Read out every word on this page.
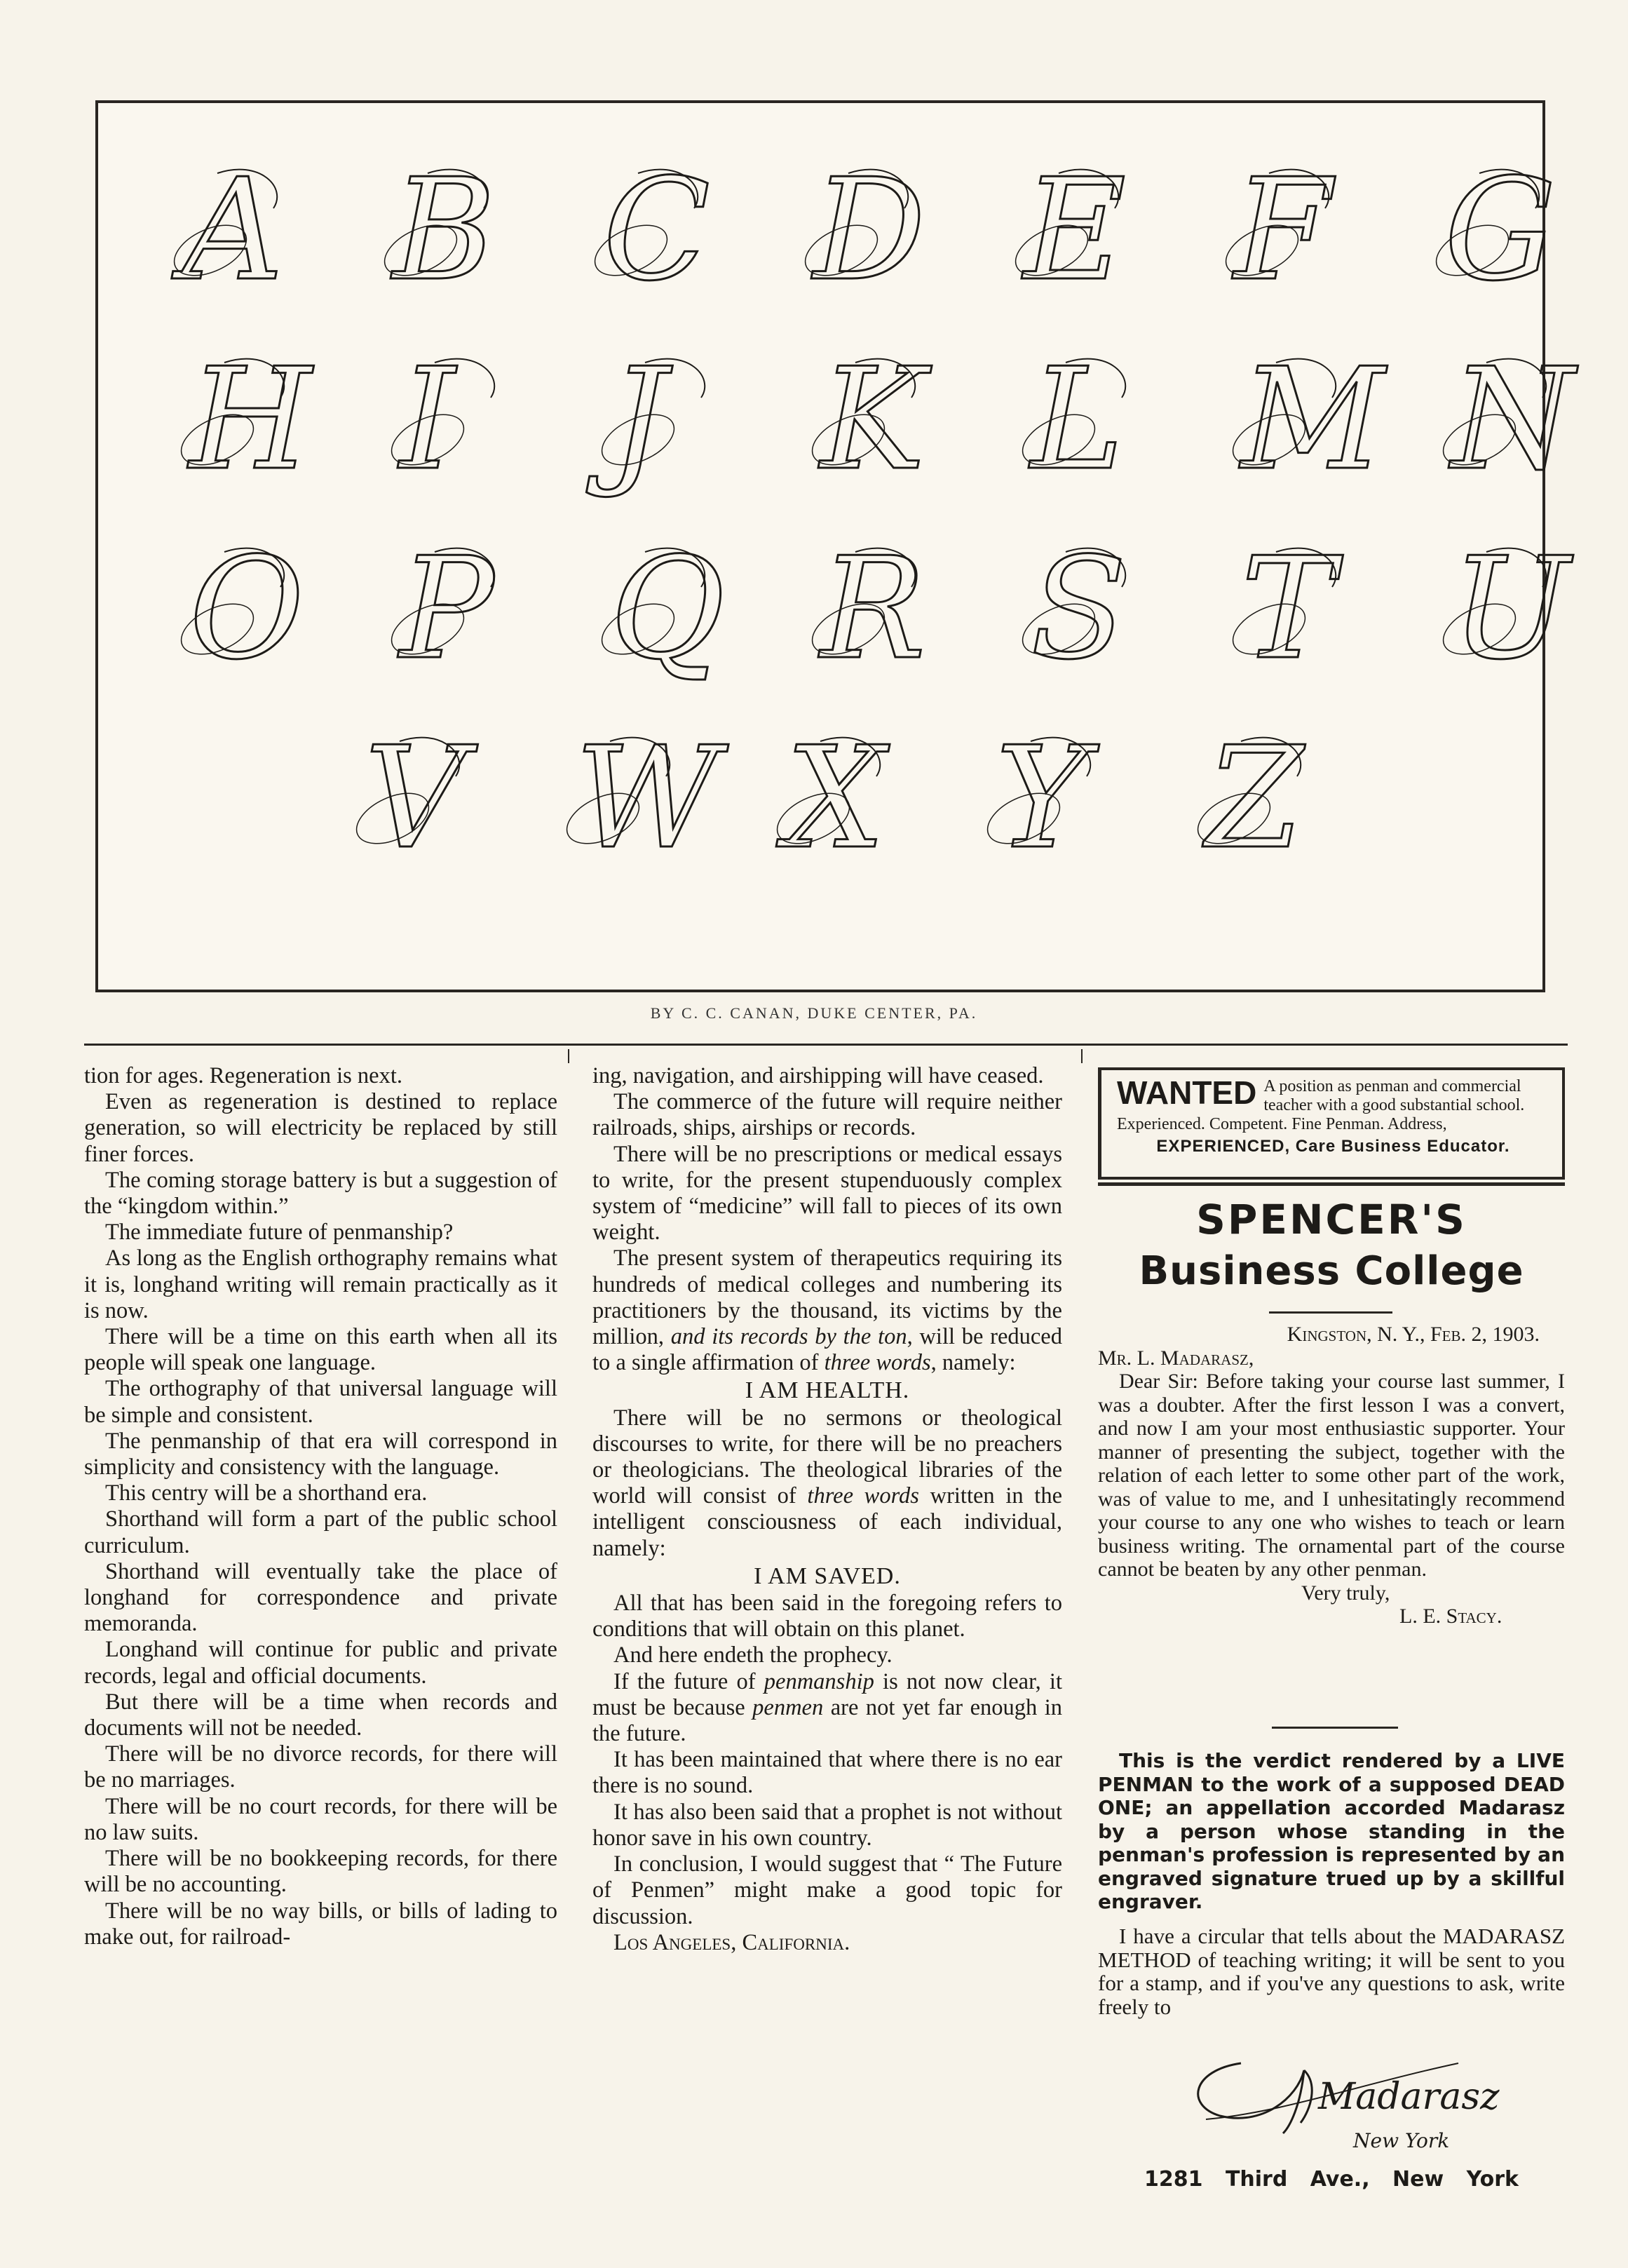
A B C D E F G
H I J K L M N
O P Q R S T U
V W X Y Z
BY C. C. CANAN, DUKE CENTER, PA.

tion for ages. Regeneration is next.

Even as regeneration is destined to replace generation, so will electricity be replaced by still finer forces.

The coming storage battery is but a suggestion of the “kingdom within.”

The immediate future of penmanship?

As long as the English orthography remains what it is, longhand writing will remain practically as it is now.

There will be a time on this earth when all its people will speak one language.

The orthography of that universal language will be simple and consistent.

The penmanship of that era will correspond in simplicity and consistency with the language.

This centry will be a shorthand era.

Shorthand will form a part of the public school curriculum.

Shorthand will eventually take the place of longhand for correspondence and private memoranda.

Longhand will continue for public and private records, legal and official documents.

But there will be a time when records and documents will not be needed.

There will be no divorce records, for there will be no marriages.

There will be no court records, for there will be no law suits.

There will be no bookkeeping records, for there will be no accounting.

There will be no way bills, or bills of lading to make out, for railroad-

ing, navigation, and airshipping will have ceased.

The commerce of the future will require neither railroads, ships, airships or records.

There will be no prescriptions or medical essays to write, for the present stupenduously complex system of “medicine” will fall to pieces of its own weight.

The present system of therapeutics requiring its hundreds of medical colleges and numbering its practitioners by the thousand, its victims by the million, and its records by the ton, will be reduced to a single affirmation of three words, namely:

I AM HEALTH.

There will be no sermons or theological discourses to write, for there will be no preachers or theologicians. The theological libraries of the world will consist of three words written in the intelligent consciousness of each individual, namely:

I AM SAVED.

All that has been said in the foregoing refers to conditions that will obtain on this planet.

And here endeth the prophecy.

If the future of penmanship is not now clear, it must be because penmen are not yet far enough in the future.

It has been maintained that where there is no ear there is no sound.

It has also been said that a prophet is not without honor save in his own country.

In conclusion, I would suggest that “ The Future of Penmen” might make a good topic for discussion.

Los Angeles, California.

WANTED A position as penman and commercial teacher with a good substantial school. Experienced. Competent. Fine Penman. Address,
EXPERIENCED, Care Business Educator.
SPENCER'S
Business College

Kingston, N. Y., Feb. 2, 1903.

Mr. L. Madarasz,

Dear Sir: Before taking your course last summer, I was a doubter. After the first lesson I was a convert, and now I am your most enthusiastic supporter. Your manner of presenting the subject, together with the relation of each letter to some other part of the work, was of value to me, and I unhesitatingly recommend your course to any one who wishes to teach or learn business writing. The ornamental part of the course cannot be beaten by any other penman.

Very truly,

L. E. Stacy.

This is the verdict rendered by a LIVE PENMAN to the work of a supposed DEAD ONE; an appellation accorded Madarasz by a person whose standing in the penman's profession is represented by an engraved signature trued up by a skillful engraver.

I have a circular that tells about the MADARASZ METHOD of teaching writing; it will be sent to you for a stamp, and if you've any questions to ask, write freely to

Madarasz
New York
1281 Third Ave., New York
